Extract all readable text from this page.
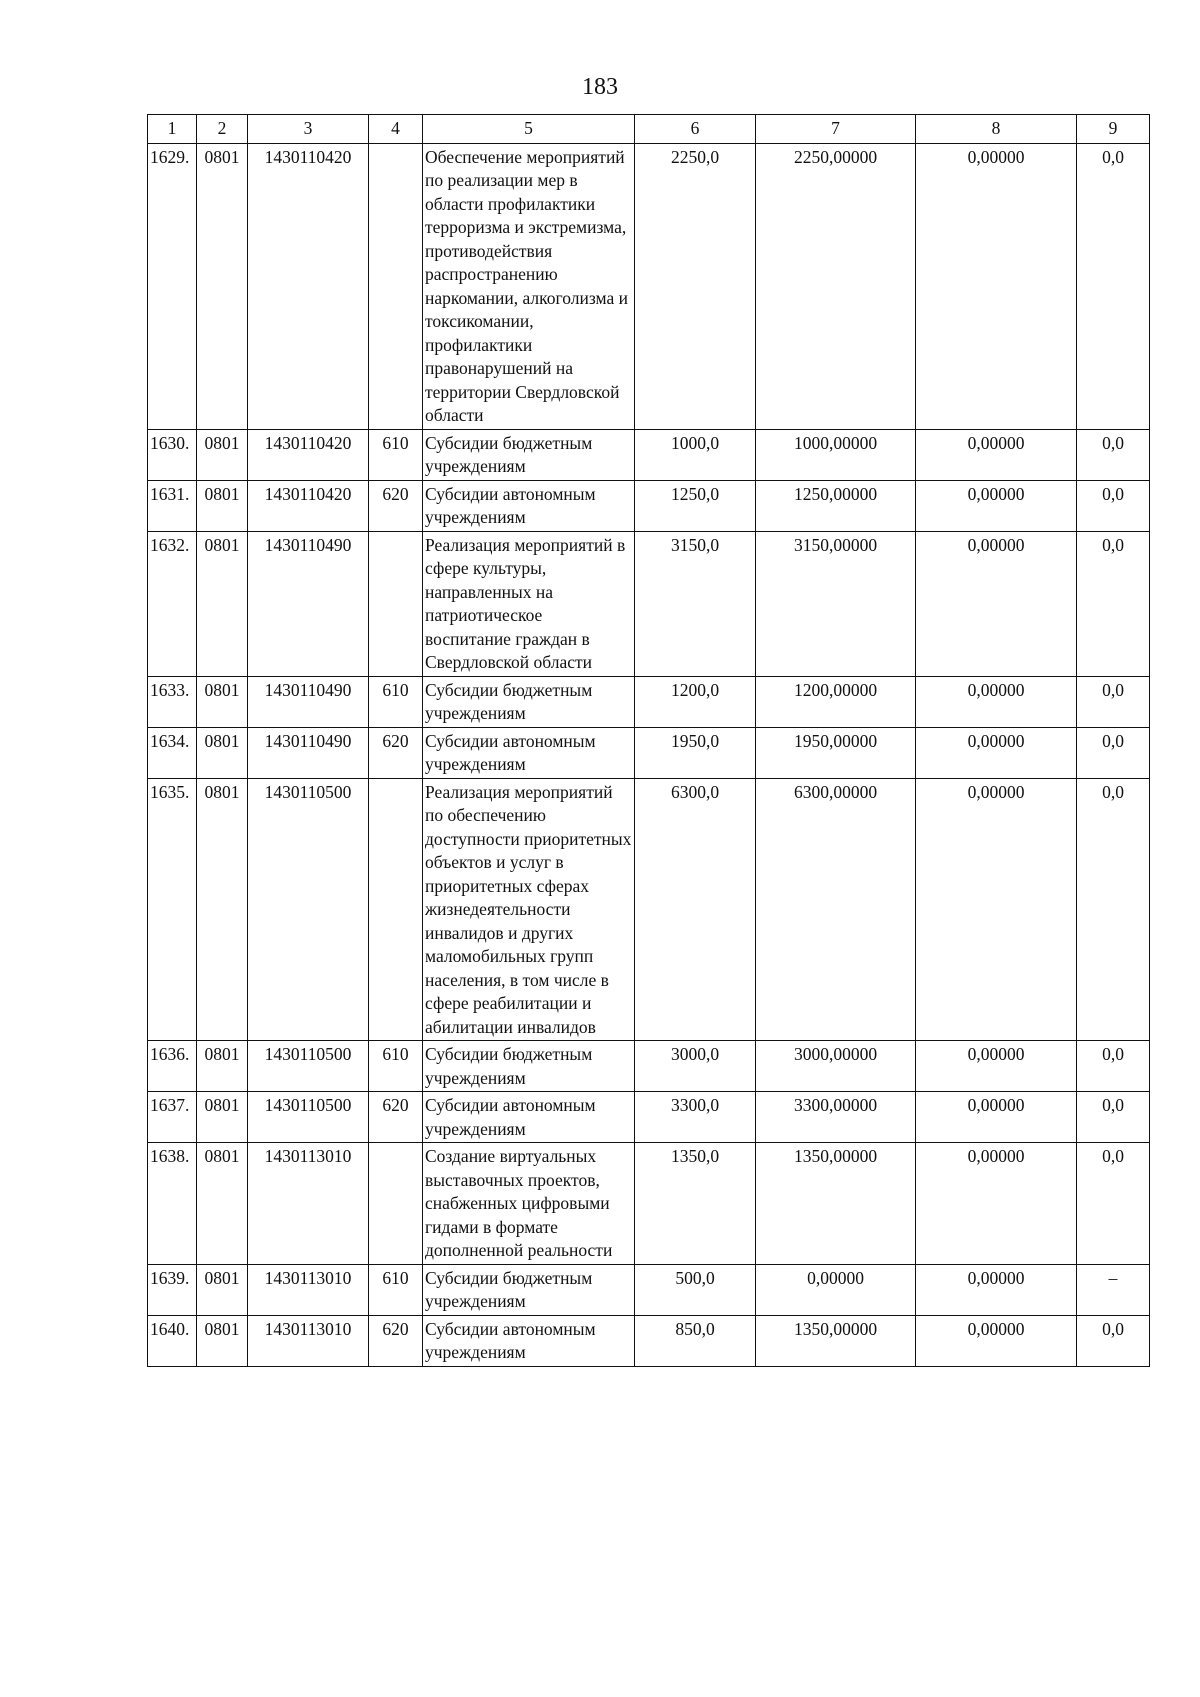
183
1	2	3	4	5	6	7	8	9
1629.	0801	1430110420		Обеспечение мероприятий по реализации мер в области профилактики терроризма и экстремизма, противодействия распространению наркомании, алкоголизма и токсикомании, профилактики правонарушений на территории Свердловской области	2250,0	2250,00000	0,00000	0,0
1630.	0801	1430110420	610	Субсидии бюджетным учреждениям	1000,0	1000,00000	0,00000	0,0
1631.	0801	1430110420	620	Субсидии автономным учреждениям	1250,0	1250,00000	0,00000	0,0
1632.	0801	1430110490		Реализация мероприятий в сфере культуры, направленных на патриотическое воспитание граждан в Свердловской области	3150,0	3150,00000	0,00000	0,0
1633.	0801	1430110490	610	Субсидии бюджетным учреждениям	1200,0	1200,00000	0,00000	0,0
1634.	0801	1430110490	620	Субсидии автономным учреждениям	1950,0	1950,00000	0,00000	0,0
1635.	0801	1430110500		Реализация мероприятий по обеспечению доступности приоритетных объектов и услуг в приоритетных сферах жизнедеятельности инвалидов и других маломобильных групп населения, в том числе в сфере реабилитации и абилитации инвалидов	6300,0	6300,00000	0,00000	0,0
1636.	0801	1430110500	610	Субсидии бюджетным учреждениям	3000,0	3000,00000	0,00000	0,0
1637.	0801	1430110500	620	Субсидии автономным учреждениям	3300,0	3300,00000	0,00000	0,0
1638.	0801	1430113010		Создание виртуальных выставочных проектов, снабженных цифровыми гидами в формате дополненной реальности	1350,0	1350,00000	0,00000	0,0
1639.	0801	1430113010	610	Субсидии бюджетным учреждениям	500,0	0,00000	0,00000	–
1640.	0801	1430113010	620	Субсидии автономным учреждениям	850,0	1350,00000	0,00000	0,0
